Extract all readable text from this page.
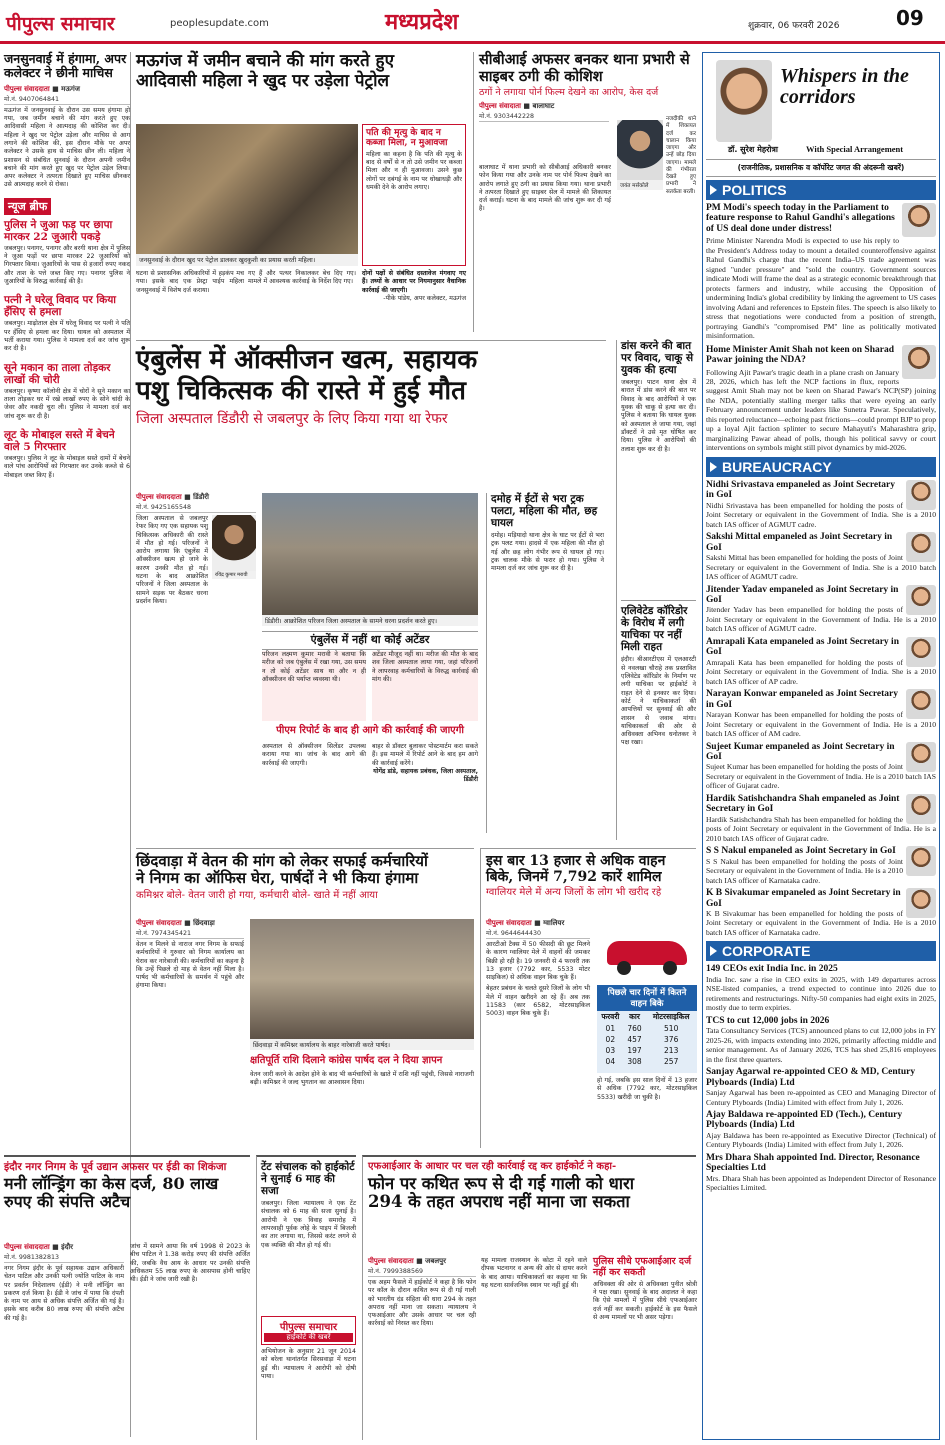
पीपुल्स समाचार	peoplesupdate.com	मध्यप्रदेश	शुक्रवार, 06 फरवरी 2026	09
जनसुनवाई में हंगामा, अपर कलेक्टर ने छीनी माचिस
पीपुल्स संवाददाता ■ मऊगंज
मो.नं. 9407064841
मऊगंज में जनसुनवाई के दौरान उस समय हंगामा हो गया, जब जमीन बचाने की मांग करते हुए एक आदिवासी महिला ने आत्मदाह की कोशिश कर दी। महिला ने खुद पर पेट्रोल उड़ेला और माचिस से आग लगाने की कोशिश की, इस दौरान मौके पर अपर कलेक्टर ने उसके हाथ से माचिस छीन ली। महिला ने प्रशासन से संबंधित सुनवाई के दौरान अपनी जमीन बचाने की मांग करते हुए खुद पर पेट्रोल उड़ेल लिया। अपर कलेक्टर ने तत्परता दिखाते हुए माचिस छीनकर उसे आत्मदाह करने से रोका।
न्यूज ब्रीफ
पुलिस ने जुआ फड़ पर छापा मारकर 22 जुआरी पकड़े
जबलपुर। पनागर, पनागर और बरगी थाना क्षेत्र में पुलिस ने जुआ फड़ों पर छापा मारकर 22 जुआरियों को गिरफ्तार किया। जुआरियों के पास से हजारों रुपए नकद और ताश के पत्ते जब्त किए गए। पनागर पुलिस ने जुआरियों के विरुद्ध कार्रवाई की है।
पत्नी ने घरेलू विवाद पर किया हँसिए से हमला
जबलपुर। माढ़ोताल क्षेत्र में घरेलू विवाद पर पत्नी ने पति पर हँसिए से हमला कर दिया। घायल को अस्पताल में भर्ती कराया गया। पुलिस ने मामला दर्ज कर जांच शुरू कर दी है।
सूने मकान का ताला तोड़कर लाखों की चोरी
जबलपुर। कृष्णा कॉलोनी क्षेत्र में चोरों ने सूने मकान का ताला तोड़कर घर में रखे लाखों रुपए के सोने चांदी के जेवर और नकदी चुरा ली। पुलिस ने मामला दर्ज कर जांच शुरू कर दी है।
लूट के मोबाइल सस्ते में बेचने वाले 5 गिरफ्तार
जबलपुर। पुलिस ने लूट के मोबाइल सस्ते दामों में बेचने वाले पांच आरोपियों को गिरफ्तार कर उनके कब्जे से 6 मोबाइल जब्त किए हैं।
मऊगंज में जमीन बचाने की मांग करते हुए
आदिवासी महिला ने खुद पर उड़ेला पेट्रोल
जनसुनवाई के दौरान खुद पर पेट्रोल डालकर खुदकुशी का प्रयास करती महिला।
पति की मृत्यु के बाद न कब्जा मिला, न मुआवजा
महिला का कहना है कि पति की मृत्यु के बाद से वर्षों से न तो उसे जमीन पर कब्जा मिला और न ही मुआवजा। उसने कुछ लोगों पर दबंगई के नाम पर धोखाधड़ी और धमकी देने के आरोप लगाए।
घटना से प्रशासनिक अधिकारियों में हड़कंप मच गया। इसके बाद एक प्रेस्ट्रा पाईप महिला जनसुनवाई में विशेष दर्ज कराया।
गए हैं और पत्थर निकालकर बेच दिए गए। मामले में आवश्यक कार्रवाई के निर्देश दिए गए।
दोनों पक्षों से संबंधित दस्तावेज मंगवाए गए हैं। तथ्यों के आधार पर नियमानुसार वैधानिक कार्रवाई की जाएगी।
-पीके पांडेय, अपर कलेक्टर, मऊगंज
सीबीआई अफसर बनकर थाना प्रभारी से साइबर ठगी की कोशिश
ठगों ने लगाया पोर्न फिल्म देखने का आरोप, केस दर्ज
पीपुल्स संवादाता ■ बालाघाट
मो.नं. 9303442228
बालाघाट में थाना प्रभारी को सीबीआई अधिकारी बनकर फोन किया गया और उनके नाम पर पोर्न फिल्म देखने का आरोप लगाते हुए ठगी का प्रयास किया गया। थाना प्रभारी ने तत्परता दिखाते हुए साइबर सेल में मामले की शिकायत दर्ज कराई। घटना के बाद मामले की जांच शुरू कर दी गई है।
जयंत मर्सकोले
नजदीकी थाने में शिकायत दर्ज कर चालान किया जाएगा और उन्हें छोड़ दिया जाएगा। मामले की गंभीरता देखते हुए प्रभारी ने सतर्कता बरती।
एंबुलेंस में ऑक्सीजन खत्म, सहायक
पशु चिकित्सक की रास्ते में हुई मौत
जिला अस्पताल डिंडौरी से जबलपुर के लिए किया गया था रेफर
पीपुल्स संवाददाता ■ डिंडौरी
मो.नं. 9425165548
जिला अस्पताल से जबलपुर रेफर किए गए एक सहायक पशु चिकित्सक अधिकारी की रास्ते में मौत हो गई। परिजनों ने आरोप लगाया कि एंबुलेंस में ऑक्सीजन खत्म हो जाने के कारण उनकी मौत हो गई। घटना के बाद आक्रोशित परिजनों ने जिला अस्पताल के सामने सड़क पर बैठकर धरना प्रदर्शन किया।
रविंद्र कुमार मरावी
डिंडौरी। आक्रोशित परिजन जिला अस्पताल के सामने धरना प्रदर्शन करते हुए।
एंबुलेंस में नहीं था कोई अटेंडर
परिजन लक्ष्मण कुमार मरावी ने बताया कि मरीज को जब एंबुलेंस में रखा गया, उस समय न तो कोई अटेंडर साथ था और न ही ऑक्सीजन की पर्याप्त व्यवस्था थी।
अटेंडर मौजूद नहीं था। मरीज की मौत के बाद शव जिला अस्पताल लाया गया, जहां परिजनों ने लापरवाह कर्मचारियों के विरुद्ध कार्रवाई की मांग की।
पीएम रिपोर्ट के बाद ही आगे की कार्रवाई की जाएगी
अस्पताल से ऑक्सीजन सिलेंडर उपलब्ध कराया गया था। जांच के बाद आगे की कार्रवाई की जाएगी।
बाहर से डॉक्टर बुलाकर पोस्टमार्टम करा सकते हैं। इस मामले में रिपोर्ट आने के बाद हम आगे की कार्रवाई करेंगे।
योगेंद्र डांडे, सहायक प्रबंधक, जिला अस्पताल, डिंडौरी
दमोह में ईंटों से भरा ट्रक पलटा, महिला की मौत, छह घायल
दमोह। मड़ियादो थाना क्षेत्र के घाट पर ईंटों से भरा ट्रक पलट गया। हादसे में एक महिला की मौत हो गई और छह लोग गंभीर रूप से घायल हो गए। ट्रक चालक मौके से फरार हो गया। पुलिस ने मामला दर्ज कर जांच शुरू कर दी है।
डांस करने की बात पर विवाद, चाकू से युवक की हत्या
जबलपुर। पाटन थाना क्षेत्र में बारात में डांस करने की बात पर विवाद के बाद आरोपियों ने एक युवक की चाकू से हत्या कर दी। पुलिस ने बताया कि घायल युवक को अस्पताल ले जाया गया, जहां डॉक्टरों ने उसे मृत घोषित कर दिया। पुलिस ने आरोपियों की तलाश शुरू कर दी है।
एलिवेटेड कॉरिडोर के विरोध में लगी याचिका पर नहीं मिली राहत
इंदौर। बीआरटीएस में एलआरटी से नवलखा चौराहे तक प्रस्तावित एलिवेटेड कॉरिडोर के निर्माण पर लगी याचिका पर हाईकोर्ट ने राहत देने से इनकार कर दिया। कोर्ट ने याचिकाकर्ता की आपत्तियों पर सुनवाई की और शासन से जवाब मांगा। याचिकाकर्ता की ओर से अधिवक्ता अभिनव धनोतकर ने पक्ष रखा।
छिंदवाड़ा में वेतन की मांग को लेकर सफाई कर्मचारियों
ने निगम का ऑफिस घेरा, पार्षदों ने भी किया हंगामा
कमिश्नर बोले- वेतन जारी हो गया, कर्मचारी बोले- खाते में नहीं आया
पीपुल्स संवाददाता ■ छिंदवाड़ा
मो.नं. 7974345421
वेतन न मिलने से नाराज नगर निगम के सफाई कर्मचारियों ने गुरुवार को निगम कार्यालय का घेराव कर नारेबाजी की। कर्मचारियों का कहना है कि उन्हें पिछले दो माह से वेतन नहीं मिला है। पार्षद भी कर्मचारियों के समर्थन में पहुंचे और हंगामा किया।
छिंदवाड़ा में कमिश्नर कार्यालय के बाहर नारेबाजी करते पार्षद।
क्षतिपूर्ति राशि दिलाने कांग्रेस पार्षद दल ने दिया ज्ञापन
वेतन जारी करने के आदेश होने के बाद भी कर्मचारियों के खाते में राशि नहीं पहुंची, जिससे नाराजगी बढ़ी। कमिश्नर ने जल्द भुगतान का आश्वासन दिया।
इस बार 13 हजार से अधिक वाहन बिके, जिनमें 7,792 कारें शामिल
ग्वालियर मेले में अन्य जिलों के लोग भी खरीद रहे
पीपुल्स संवाददाता ■ ग्वालियर
मो.नं. 9644644430
आरटीओ टैक्स में 50 फीसदी की छूट मिलने के कारण ग्वालियर मेले में वाहनों की जमकर बिक्री हो रही है। 19 जनवरी से 4 फरवरी तक 13 हजार (7792 कार, 5533 मोटर साइकिल) से अधिक वाहन बिक चुके हैं।
बेहतर प्रबंधन के चलते दूसरे जिलों के लोग भी मेले में वाहन खरीदने आ रहे हैं। अब तक 11583 (कार 6582, मोटरसाइकिल 5003) वाहन बिक चुके हैं।
पिछले चार दिनों में कितने वाहन बिके
फरवरी	कार	मोटरसाइकिल
01	760	510
02	457	376
03	197	213
04	308	257
हो गई, जबकि इस साल दिनों में 13 हजार से अधिक (7792 कार, मोटरसाइकिल 5533) खरीदी जा चुकी है।
इंदौर नगर निगम के पूर्व उद्यान अफसर पर ईडी का शिकंजा
मनी लॉन्ड्रिंग का केस दर्ज, 80 लाख रुपए की संपत्ति अटैच
पीपुल्स संवाददाता ■ इंदौर
मो.नं. 9981382813
नगर निगम इंदौर के पूर्व सहायक उद्यान अधिकारी चेतन पाटिल और उनकी पत्नी ज्योति पाटिल के नाम पर प्रवर्तन निदेशालय (ईडी) ने मनी लॉन्ड्रिंग का प्रकरण दर्ज किया है। ईडी ने जांच में पाया कि दंपती के नाम पर आय से अधिक संपत्ति अर्जित की गई है। इसके बाद करीब 80 लाख रुपए की संपत्ति अटैच की गई है।
जांच में सामने आया कि वर्ष 1998 से 2023 के बीच पाटिल ने 1.38 करोड़ रुपए की संपत्ति अर्जित की, जबकि वैध आय के आधार पर उनकी संपत्ति अधिकतम 55 लाख रुपए के आसपास होनी चाहिए थी। ईडी ने जांच जारी रखी है।
टेंट संचालक को हाईकोर्ट ने सुनाई 6 माह की सजा
जबलपुर। जिला न्यायालय ने एक टेंट संचालक को 6 माह की सजा सुनाई है। आरोपी ने एक विवाह समारोह में लापरवाही पूर्वक लोहे के पाइप में बिजली का तार लगाया था, जिससे करंट लगने से एक व्यक्ति की मौत हो गई थी।
पीपुल्स समाचार
हाईकोर्ट की खबरें
अभियोजन के अनुसार 21 जून 2014 को बरेला थानांतर्गत सिरसवाड़ा में घटना हुई थी। न्यायालय ने आरोपी को दोषी पाया।
एफआईआर के आधार पर चल रही कार्रवाई रद्द कर हाईकोर्ट ने कहा-
फोन पर कथित रूप से दी गई गाली को धारा
294 के तहत अपराध नहीं माना जा सकता
पीपुल्स संवाददाता ■ जबलपुर
मो.नं. 7999388569
एक अहम फैसले में हाईकोर्ट ने कहा है कि फोन पर कॉल के दौरान कथित रूप से दी गई गाली को भारतीय दंड संहिता की धारा 294 के तहत अपराध नहीं माना जा सकता। न्यायालय ने एफआईआर और उसके आधार पर चल रही कार्रवाई को निरस्त कर दिया।
यह मामला राजस्थान के कोटा में रहने वाले दीपक भटनागर व अन्य की ओर से दायर करने के बाद आया। याचिकाकर्ता का कहना था कि यह घटना सार्वजनिक स्थान पर नहीं हुई थी।
पुलिस सीधे एफआईआर दर्ज नहीं कर सकती
अधिवक्ता की ओर से अधिवक्ता पुनीत श्रोत्री ने पक्ष रखा। सुनवाई के बाद अदालत ने कहा कि ऐसे मामलों में पुलिस सीधे एफआईआर दर्ज नहीं कर सकती। हाईकोर्ट के इस फैसले से अन्य मामलों पर भी असर पड़ेगा।
Whispers in the corridors
डॉ. सुरेश मेहरोत्रा	With Special Arrangement
(राजनीतिक, प्रशासनिक व कॉर्पोरेट जगत की अंदरूनी खबरें)
POLITICS
PM Modi's speech today in the Parliament to feature response to Rahul Gandhi's allegations of US deal done under distress!
Prime Minister Narendra Modi is expected to use his reply to the President's Address today to mount a detailed counteroffensive against Rahul Gandhi's charge that the recent India–US trade agreement was signed "under pressure" and "sold the country. Government sources indicate Modi will frame the deal as a strategic economic breakthrough that protects farmers and industry, while accusing the Opposition of undermining India's global credibility by linking the agreement to US cases involving Adani and references to Epstein files. The speech is also likely to stress that negotiations were conducted from a position of strength, portraying Gandhi's "compromised PM" line as politically motivated misinformation.
Home Minister Amit Shah not keen on Sharad Pawar joining the NDA?
Following Ajit Pawar's tragic death in a plane crash on January 28, 2026, which has left the NCP factions in flux, reports suggest Amit Shah may not be keen on Sharad Pawar's NCP(SP) joining the NDA, potentially stalling merger talks that were eyeing an early February announcement under leaders like Sunetra Pawar. Speculatively, this reported reluctance—echoing past frictions—could prompt BJP to prop up a loyal Ajit faction splinter to secure Mahayuti's Maharashtra grip, marginalizing Pawar ahead of polls, though his political savvy or court interventions on symbols might still pivot dynamics by mid-2026.
BUREAUCRACY
Nidhi Srivastava empaneled as Joint Secretary in GoI
Nidhi Srivastava has been empanelled for holding the posts of Joint Secretary or equivalent in the Government of India. She is a 2010 batch IAS officer of AGMUT cadre.
Sakshi Mittal empaneled as Joint Secretary in GoI
Sakshi Mittal has been empanelled for holding the posts of Joint Secretary or equivalent in the Government of India. She is a 2010 batch IAS officer of AGMUT cadre.
Jitender Yadav empaneled as Joint Secretary in GoI
Jitender Yadav has been empanelled for holding the posts of Joint Secretary or equivalent in the Government of India. He is a 2010 batch IAS officer of AGMUT cadre.
Amrapali Kata empaneled as Joint Secretary in GoI
Amrapali Kata has been empanelled for holding the posts of Joint Secretary or equivalent in the Government of India. She is a 2010 batch IAS officer of AP cadre.
Narayan Konwar empaneled as Joint Secretary in GoI
Narayan Konwar has been empanelled for holding the posts of Joint Secretary or equivalent in the Government of India. He is a 2010 batch IAS officer of AM cadre.
Sujeet Kumar empaneled as Joint Secretary in GoI
Sujeet Kumar has been empanelled for holding the posts of Joint Secretary or equivalent in the Government of India. He is a 2010 batch IAS officer of Gujarat cadre.
Hardik Satishchandra Shah empaneled as Joint Secretary in GoI
Hardik Satishchandra Shah has been empanelled for holding the posts of Joint Secretary or equivalent in the Government of India. He is a 2010 batch IAS officer of Gujarat cadre.
S S Nakul empaneled as Joint Secretary in GoI
S S Nakul has been empanelled for holding the posts of Joint Secretary or equivalent in the Government of India. He is a 2010 batch IAS officer of Karnataka cadre.
K B Sivakumar empaneled as Joint Secretary in GoI
K B Sivakumar has been empanelled for holding the posts of Joint Secretary or equivalent in the Government of India. He is a 2010 batch IAS officer of Karnataka cadre.
CORPORATE
149 CEOs exit India Inc. in 2025
India Inc. saw a rise in CEO exits in 2025, with 149 departures across NSE-listed companies, a trend expected to continue into 2026 due to retirements and restructurings. Nifty-50 companies had eight exits in 2025, mostly due to term expiries.
TCS to cut 12,000 jobs in 2026
Tata Consultancy Services (TCS) announced plans to cut 12,000 jobs in FY 2025-26, with impacts extending into 2026, primarily affecting middle and senior management. As of January 2026, TCS has shed 25,816 employees in the first three quarters.
Sanjay Agarwal re-appointed CEO & MD, Century Plyboards (India) Ltd
Sanjay Agarwal has been re-appointed as CEO and Managing Director of Century Plyboards (India) Limited with effect from July 1, 2026.
Ajay Baldawa re-appointed ED (Tech.), Century Plyboards (India) Ltd
Ajay Baldawa has been re-appointed as Executive Director (Technical) of Century Plyboards (India) Limited with effect from July 1, 2026.
Mrs Dhara Shah appointed Ind. Director, Resonance Specialties Ltd
Mrs. Dhara Shah has been appointed as Independent Director of Resonance Specialties Limited.
